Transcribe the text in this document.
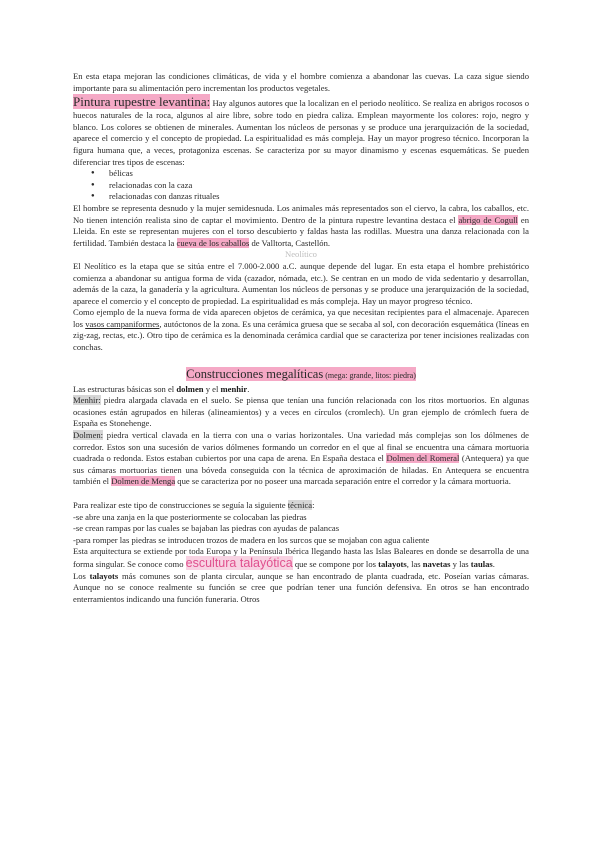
En esta etapa mejoran las condiciones climáticas, de vida y el hombre comienza a abandonar las cuevas. La caza sigue siendo importante para su alimentación pero incrementan los productos vegetales.

Pintura rupestre levantina: Hay algunos autores que la localizan en el periodo neolítico. Se realiza en abrigos rocosos o huecos naturales de la roca, algunos al aire libre, sobre todo en piedra caliza. Emplean mayormente los colores: rojo, negro y blanco. Los colores se obtienen de minerales. Aumentan los núcleos de personas y se produce una jerarquización de la sociedad, aparece el comercio y el concepto de propiedad. La espiritualidad es más compleja. Hay un mayor progreso técnico. Incorporan la figura humana que, a veces, protagoniza escenas. Se caracteriza por su mayor dinamismo y escenas esquemáticas. Se pueden diferenciar tres tipos de escenas:

● bélicas
● relacionadas con la caza
● relacionadas con danzas rituales

El hombre se representa desnudo y la mujer semidesnuda. Los animales más representados son el ciervo, la cabra, los caballos, etc. No tienen intención realista sino de captar el movimiento. Dentro de la pintura rupestre levantina destaca el abrigo de Cogull en Lleida. En este se representan mujeres con el torso descubierto y faldas hasta las rodillas. Muestra una danza relacionada con la fertilidad. También destaca la cueva de los caballos de Valltorta, Castellón.

Neolítico

El Neolítico es la etapa que se sitúa entre el 7.000-2.000 a.C. aunque depende del lugar. En esta etapa el hombre prehistórico comienza a abandonar su antigua forma de vida (cazador, nómada, etc.). Se centran en un modo de vida sedentario y desarrollan, además de la caza, la ganadería y la agricultura. Aumentan los núcleos de personas y se produce una jerarquización de la sociedad, aparece el comercio y el concepto de propiedad. La espiritualidad es más compleja. Hay un mayor progreso técnico.

Como ejemplo de la nueva forma de vida aparecen objetos de cerámica, ya que necesitan recipientes para el almacenaje. Aparecen los vasos campaniformes, autóctonos de la zona. Es una cerámica gruesa que se secaba al sol, con decoración esquemática (líneas en zig-zag, rectas, etc.). Otro tipo de cerámica es la denominada cerámica cardial que se caracteriza por tener incisiones realizadas con conchas.

Construcciones megalíticas (mega: grande, litos: piedra)

Las estructuras básicas son el dolmen y el menhir.

Menhir: piedra alargada clavada en el suelo. Se piensa que tenían una función relacionada con los ritos mortuorios. En algunas ocasiones están agrupados en hileras (alineamientos) y a veces en círculos (cromlech). Un gran ejemplo de crómlech fuera de España es Stonehenge.

Dolmen: piedra vertical clavada en la tierra con una o varias horizontales. Una variedad más complejas son los dólmenes de corredor. Estos son una sucesión de varios dólmenes formando un corredor en el que al final se encuentra una cámara mortuoria cuadrada o redonda. Estos estaban cubiertos por una capa de arena. En España destaca el Dolmen del Romeral (Antequera) ya que sus cámaras mortuorias tienen una bóveda conseguida con la técnica de aproximación de hiladas. En Antequera se encuentra también el Dolmen de Menga que se caracteriza por no poseer una marcada separación entre el corredor y la cámara mortuoria.

Para realizar este tipo de construcciones se seguía la siguiente técnica:

-se abre una zanja en la que posteriormente se colocaban las piedras

-se crean rampas por las cuales se bajaban las piedras con ayudas de palancas

-para romper las piedras se introducen trozos de madera en los surcos que se mojaban con agua caliente

Esta arquitectura se extiende por toda Europa y la Península Ibérica llegando hasta las Islas Baleares en donde se desarrolla de una forma singular. Se conoce como escultura talayótica que se compone por los talayots, las navetas y las taulas.

Los talayots más comunes son de planta circular, aunque se han encontrado de planta cuadrada, etc. Poseían varias cámaras. Aunque no se conoce realmente su función se cree que podrían tener una función defensiva. En otros se han encontrado enterramientos indicando una función funeraria. Otros
